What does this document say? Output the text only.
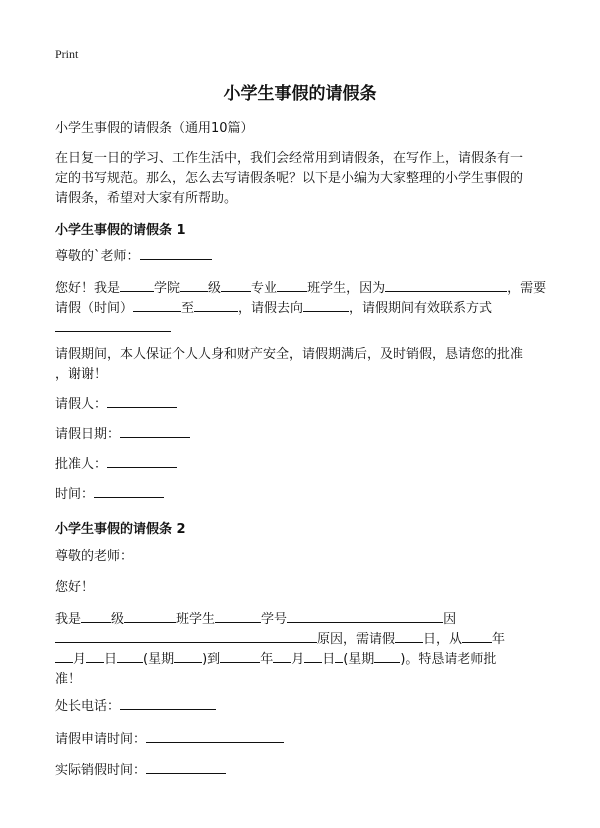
Print
小学生事假的请假条
小学生事假的请假条（通用10篇）
在日复一日的学习、工作生活中，我们会经常用到请假条，在写作上，请假条有一
定的书写规范。那么，怎么去写请假条呢？以下是小编为大家整理的小学生事假的
请假条，希望对大家有所帮助。
小学生事假的请假条 1
尊敬的`老师：
您好！我是	学院 级 专业 班学生，因为	，需要
请假（时间）	至	，请假去向	，请假期间有效联系方式
请假期间，本人保证个人人身和财产安全，请假期满后，及时销假，恳请您的批准
，谢谢！
请假人：
请假日期：
批准人：
时间：
小学生事假的请假条 2
尊敬的老师：
您好！
我是 级	班学生	学号	因
原因，需请假 日，从 年
月 日 (星期 )到	年 月 日 (星期 )。特恳请老师批
准！
处长电话：
请假申请时间：
实际销假时间：
